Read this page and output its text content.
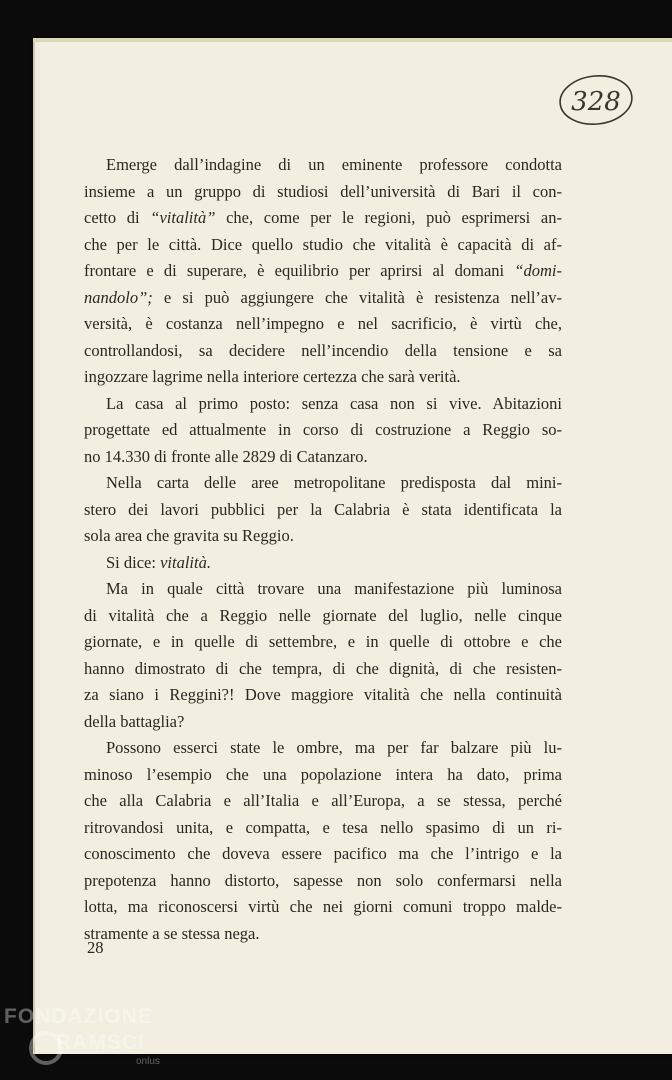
328
Emerge dall’indagine di un eminente professore condotta
insieme a un gruppo di studiosi dell’università di Bari il con-
cetto di “vitalità” che, come per le regioni, può esprimersi an-
che per le città. Dice quello studio che vitalità è capacità di af-
frontare e di superare, è equilibrio per aprirsi al domani “domi-
nandolo”; e si può aggiungere che vitalità è resistenza nell’av-
versità, è costanza nell’impegno e nel sacrificio, è virtù che,
controllandosi, sa decidere nell’incendio della tensione e sa
ingozzare lagrime nella interiore certezza che sarà verità.
La casa al primo posto: senza casa non si vive. Abitazioni
progettate ed attualmente in corso di costruzione a Reggio so-
no 14.330 di fronte alle 2829 di Catanzaro.
Nella carta delle aree metropolitane predisposta dal mini-
stero dei lavori pubblici per la Calabria è stata identificata la
sola area che gravita su Reggio.
Si dice: vitalità.
Ma in quale città trovare una manifestazione più luminosa
di vitalità che a Reggio nelle giornate del luglio, nelle cinque
giornate, e in quelle di settembre, e in quelle di ottobre e che
hanno dimostrato di che tempra, di che dignità, di che resisten-
za siano i Reggini?! Dove maggiore vitalità che nella continuità
della battaglia?
Possono esserci state le ombre, ma per far balzare più lu-
minoso l’esempio che una popolazione intera ha dato, prima
che alla Calabria e all’Italia e all’Europa, a se stessa, perché
ritrovandosi unita, e compatta, e tesa nello spasimo di un ri-
conoscimento che doveva essere pacifico ma che l’intrigo e la
prepotenza hanno distorto, sapesse non solo confermarsi nella
lotta, ma riconoscersi virtù che nei giorni comuni troppo malde-
stramente a se stessa nega.
28
FONDAZIONE
RAMSCI
onlus
